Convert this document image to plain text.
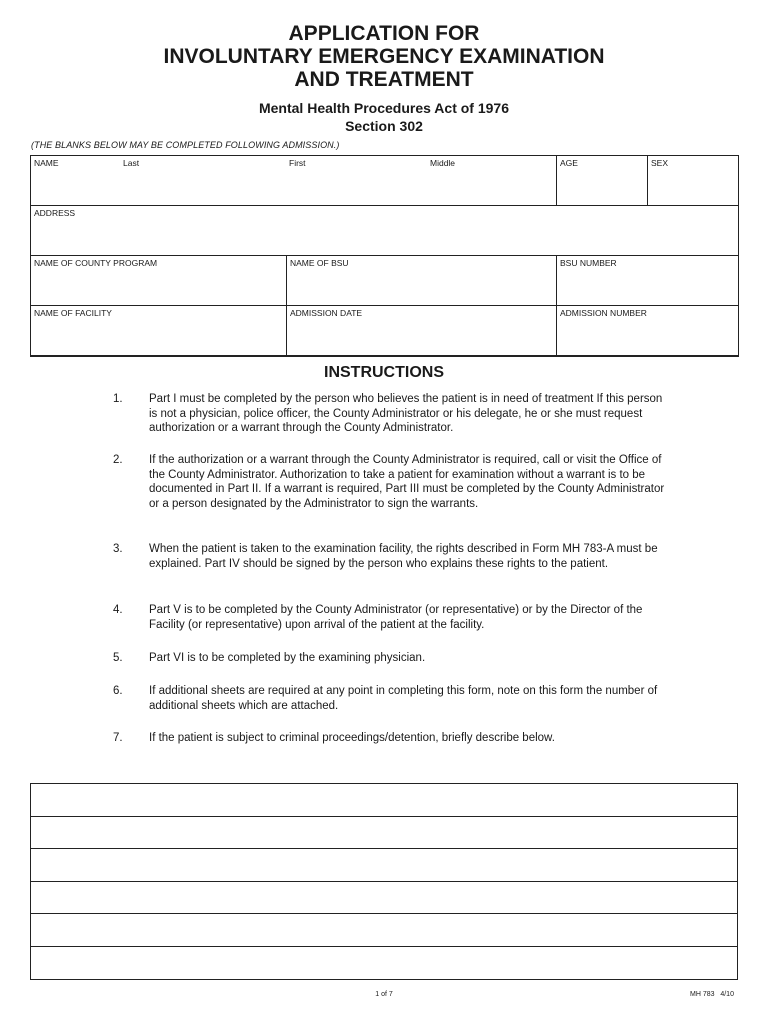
APPLICATION FOR
INVOLUNTARY EMERGENCY EXAMINATION
AND TREATMENT
Mental Health Procedures Act of 1976
Section 302
(THE BLANKS BELOW MAY BE COMPLETED FOLLOWING ADMISSION.)
NAME Last First Middle		AGE	SEX
ADDRESS			
NAME OF COUNTY PROGRAM	NAME OF BSU	BSU NUMBER	
NAME OF FACILITY	ADMISSION DATE	ADMISSION NUMBER	
INSTRUCTIONS
1.	Part I must be completed by the person who believes the patient is in need of treatment If this person is not a physician, police officer, the County Administrator or his delegate, he or she must request authorization or a warrant through the County Administrator.
2.	If the authorization or a warrant through the County Administrator is required, call or visit the Office of the County Administrator. Authorization to take a patient for examination without a warrant is to be documented in Part II. If a warrant is required, Part III must be completed by the County Administrator or a person designated by the Administrator to sign the warrants.
3.	When the patient is taken to the examination facility, the rights described in Form MH 783-A must be explained. Part IV should be signed by the person who explains these rights to the patient.
4.	Part V is to be completed by the County Administrator (or representative) or by the Director of the Facility (or representative) upon arrival of the patient at the facility.
5.	Part VI is to be completed by the examining physician.
6.	If additional sheets are required at any point in completing this form, note on this form the number of additional sheets which are attached.
7.	If the patient is subject to criminal proceedings/detention, briefly describe below.

1 of 7	MH 783   4/10
